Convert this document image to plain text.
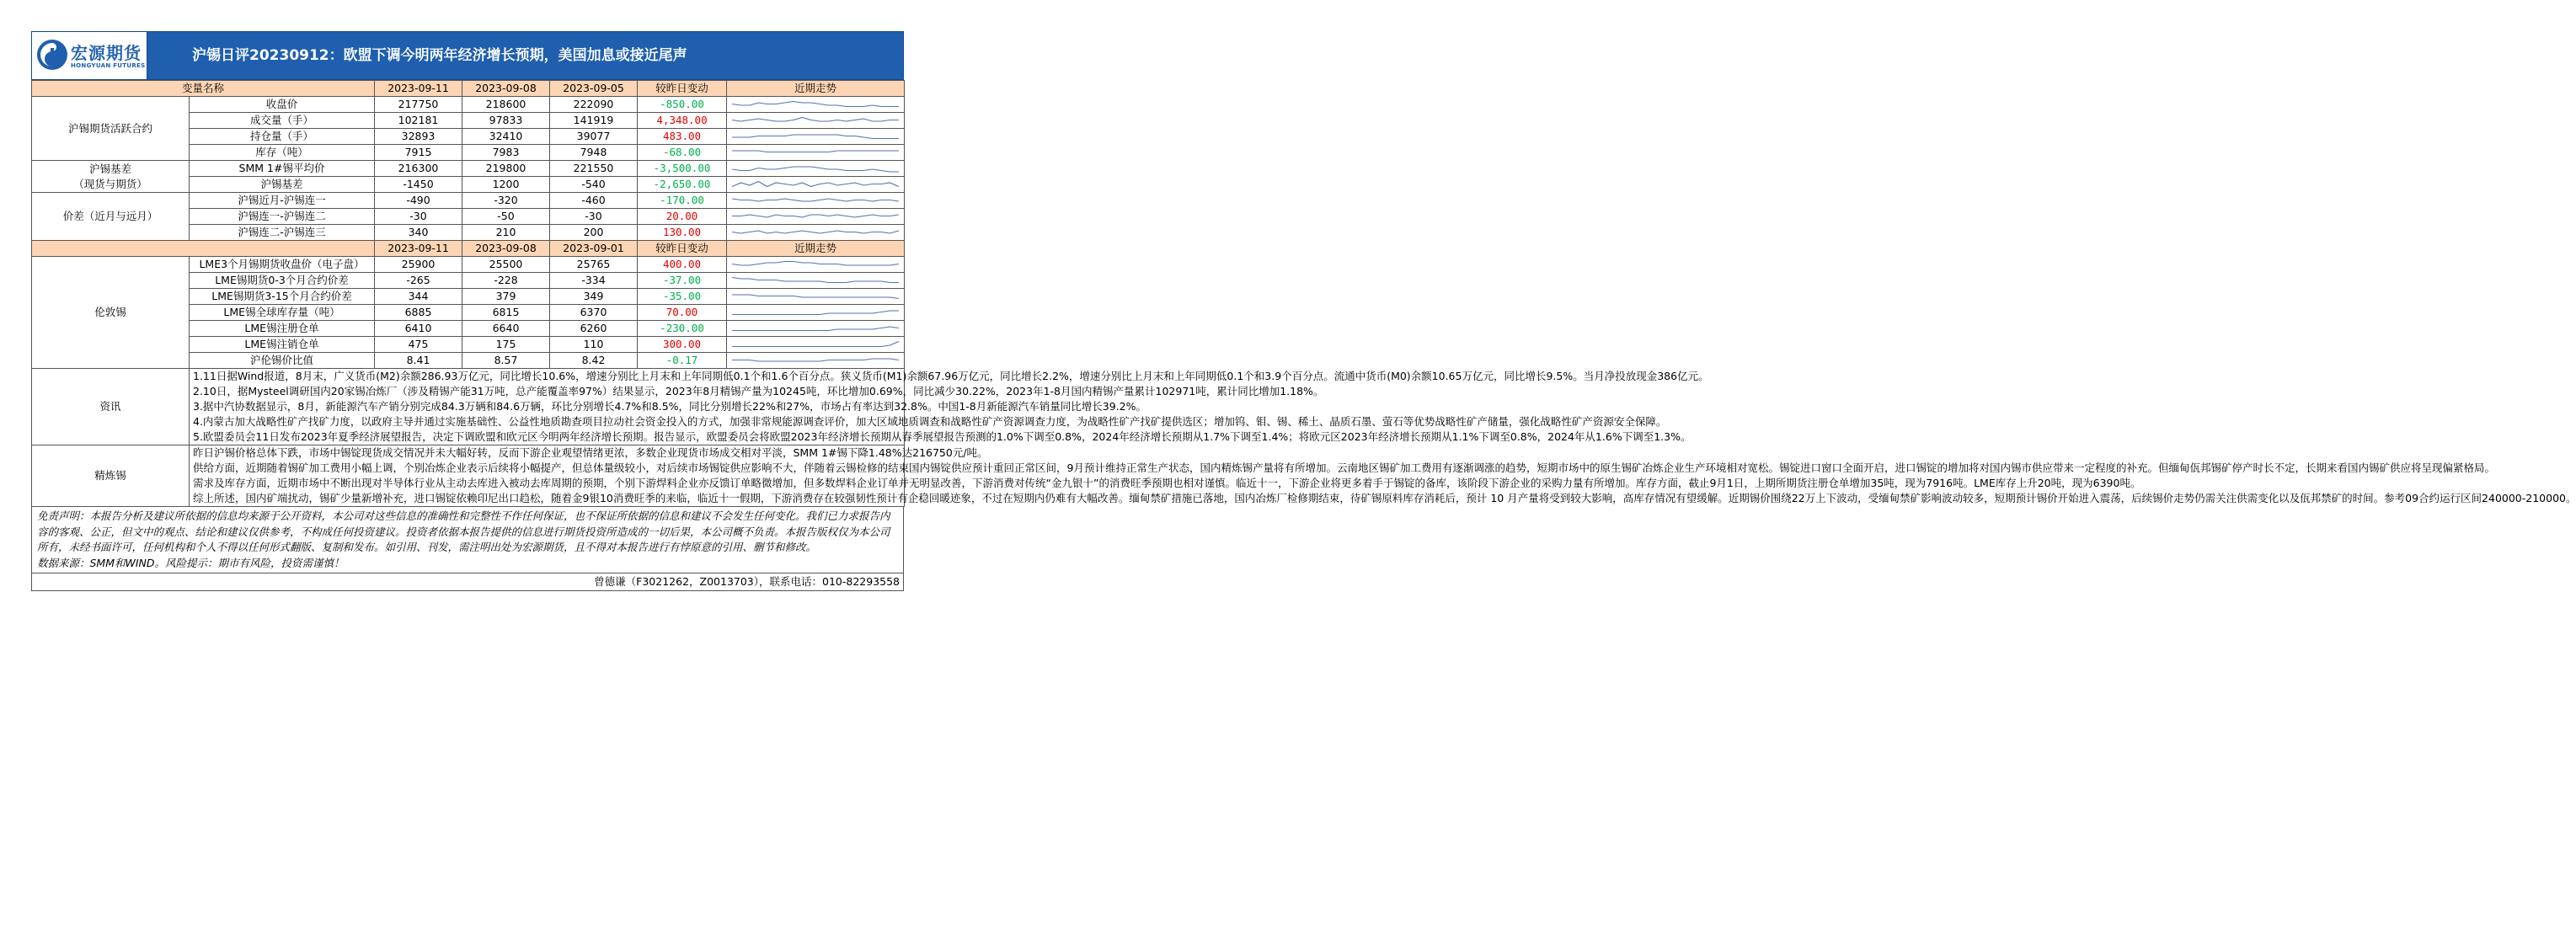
宏源期货
HONGYUAN FUTURES
沪锡日评20230912：欧盟下调今明两年经济增长预期，美国加息或接近尾声
变量名称		2023-09-11	2023-09-08	2023-09-05	较昨日变动	近期走势

沪锡期货活跃合约	收盘价	217750	218600	222090	-850.00	

	成交量（手）	102181	97833	141919	4,348.00	

	持仓量（手）	32893	32410	39077	483.00	

	库存（吨）	7915	7983	7948	-68.00	

沪锡基差
（现货与期货）	SMM 1#锡平均价	216300	219800	221550	-3,500.00	

	沪锡基差	-1450	1200	-540	-2,650.00	

价差（近月与远月）	沪锡近月-沪锡连一	-490	-320	-460	-170.00	

	沪锡连一-沪锡连二	-30	-50	-30	20.00	

	沪锡连二-沪锡连三	340	210	200	130.00	

		2023-09-11	2023-09-08	2023-09-01	较昨日变动	近期走势
伦敦锡	LME3个月锡期货收盘价（电子盘）	25900	25500	25765	400.00	

	LME锡期货0-3个月合约价差	-265	-228	-334	-37.00	

	LME锡期货3-15个月合约价差	344	379	349	-35.00	

	LME锡全球库存量（吨）	6885	6815	6370	70.00	

	LME锡注册仓单	6410	6640	6260	-230.00	

	LME锡注销仓单	475	175	110	300.00	

	沪伦锡价比值	8.41	8.57	8.42	-0.17	

资讯	1.11日据Wind报道，8月末，广义货币(M2)余额286.93万亿元，同比增长10.6%，增速分别比上月末和上年同期低0.1个和1.6个百分点。狭义货币(M1)余额67.96万亿元，同比增长2.2%，增速分别比上月末和上年同期低0.1个和3.9个百分点。流通中货币(M0)余额10.65万亿元，同比增长9.5%。当月净投放现金386亿元。

2.10日，据Mysteel调研国内20家锡冶炼厂（涉及精锡产能31万吨，总产能覆盖率97%）结果显示，2023年8月精锡产量为10245吨，环比增加0.69%，同比减少30.22%，2023年1-8月国内精锡产量累计102971吨，累计同比增加1.18%。

3.据中汽协数据显示，8月，新能源汽车产销分别完成84.3万辆和84.6万辆，环比分别增长4.7%和8.5%，同比分别增长22%和27%，市场占有率达到32.8%。中国1-8月新能源汽车销量同比增长39.2%。

4.内蒙古加大战略性矿产找矿力度，以政府主导并通过实施基础性、公益性地质勘查项目拉动社会资金投入的方式，加强非常规能源调查评价，加大区域地质调查和战略性矿产资源调查力度，为战略性矿产找矿提供选区；增加钨、钼、锡、稀土、晶质石墨、萤石等优势战略性矿产储量，强化战略性矿产资源安全保障。

5.欧盟委员会11日发布2023年夏季经济展望报告，决定下调欧盟和欧元区今明两年经济增长预期。报告显示，欧盟委员会将欧盟2023年经济增长预期从春季展望报告预测的1.0%下调至0.8%，2024年经济增长预期从1.7%下调至1.4%；将欧元区2023年经济增长预期从1.1%下调至0.8%，2024年从1.6%下调至1.3%。					

精炼锡	昨日沪锡价格总体下跌，市场中锡锭现货成交情况并未大幅好转，反而下游企业观望情绪更浓，多数企业现货市场成交相对平淡，SMM 1#锡下降1.48%达216750元/吨。

供给方面，近期随着锡矿加工费用小幅上调，个别冶炼企业表示后续将小幅提产，但总体量级较小，对后续市场锡锭供应影响不大，伴随着云锡检修的结束国内锡锭供应预计重回正常区间，9月预计维持正常生产状态，国内精炼锡产量将有所增加。云南地区锡矿加工费用有逐渐调涨的趋势，短期市场中的原生锡矿冶炼企业生产环境相对宽松。锡锭进口窗口全面开启，进口锡锭的增加将对国内锡市供应带来一定程度的补充。但缅甸佤邦锡矿停产时长不定，长期来看国内锡矿供应将呈现偏紧格局。

需求及库存方面，近期市场中不断出现对半导体行业从主动去库进入被动去库周期的预期，个别下游焊料企业亦反馈订单略微增加，但多数焊料企业订单并无明显改善，下游消费对传统“金九银十”的消费旺季预期也相对谨慎。临近十一，下游企业将更多着手于锡锭的备库，该阶段下游企业的采购力量有所增加。库存方面，截止9月1日，上期所期货注册仓单增加35吨，现为7916吨。LME库存上升20吨，现为6390吨。

综上所述，国内矿端扰动，锡矿少量新增补充，进口锡锭依赖印尼出口趋松，随着金9银10消费旺季的来临，临近十一假期，下游消费存在较强韧性预计有企稳回暖迹象，不过在短期内仍难有大幅改善。缅甸禁矿措施已落地，国内冶炼厂检修期结束，待矿锡原料库存消耗后，预计 10 月产量将受到较大影响，高库存情况有望缓解。近期锡价围绕22万上下波动，受缅甸禁矿影响波动较多，短期预计锡价开始进入震荡，后续锡价走势仍需关注供需变化以及佤邦禁矿的时间。参考09合约运行区间240000-210000。					

免责声明：本报告分析及建议所依据的信息均来源于公开资料，本公司对这些信息的准确性和完整性不作任何保证，也不保证所依据的信息和建议不会发生任何变化。我们已力求报告内容的客观、公正，但文中的观点、结论和建议仅供参考，不构成任何投资建议。投资者依据本报告提供的信息进行期货投资所造成的一切后果，本公司概不负责。本报告版权仅为本公司所有，未经书面许可，任何机构和个人不得以任何形式翻版、复制和发布。如引用、刊发，需注明出处为宏源期货，且不得对本报告进行有悖原意的引用、删节和修改。
数据来源：SMM和WIND。风险提示：期市有风险，投资需谨慎！
曾德谦（F3021262，Z0013703），联系电话：010-82293558
